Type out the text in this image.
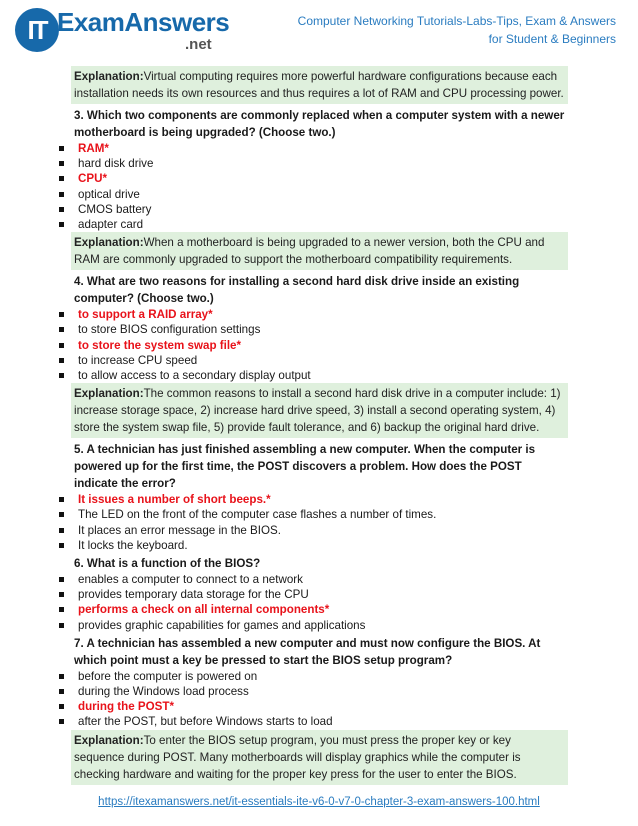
IT ExamAnswers
.net
Computer Networking Tutorials-Labs-Tips, Exam & Answers
for Student & Beginners
Explanation:Virtual computing requires more powerful hardware configurations because each installation needs its own resources and thus requires a lot of RAM and CPU processing power.
3. Which two components are commonly replaced when a computer system with a newer motherboard is being upgraded? (Choose two.)
RAM*
hard disk drive
CPU*
optical drive
CMOS battery
adapter card
Explanation:When a motherboard is being upgraded to a newer version, both the CPU and RAM are commonly upgraded to support the motherboard compatibility requirements.
4. What are two reasons for installing a second hard disk drive inside an existing computer? (Choose two.)
to support a RAID array*
to store BIOS configuration settings
to store the system swap file*
to increase CPU speed
to allow access to a secondary display output
Explanation:The common reasons to install a second hard disk drive in a computer include: 1) increase storage space, 2) increase hard drive speed, 3) install a second operating system, 4) store the system swap file, 5) provide fault tolerance, and 6) backup the original hard drive.
5. A technician has just finished assembling a new computer. When the computer is powered up for the first time, the POST discovers a problem. How does the POST indicate the error?
It issues a number of short beeps.*
The LED on the front of the computer case flashes a number of times.
It places an error message in the BIOS.
It locks the keyboard.
6. What is a function of the BIOS?
enables a computer to connect to a network
provides temporary data storage for the CPU
performs a check on all internal components*
provides graphic capabilities for games and applications
7. A technician has assembled a new computer and must now configure the BIOS. At which point must a key be pressed to start the BIOS setup program?
before the computer is powered on
during the Windows load process
during the POST*
after the POST, but before Windows starts to load
Explanation:To enter the BIOS setup program, you must press the proper key or key sequence during POST. Many motherboards will display graphics while the computer is checking hardware and waiting for the proper key press for the user to enter the BIOS.
https://itexamanswers.net/it-essentials-ite-v6-0-v7-0-chapter-3-exam-answers-100.html
